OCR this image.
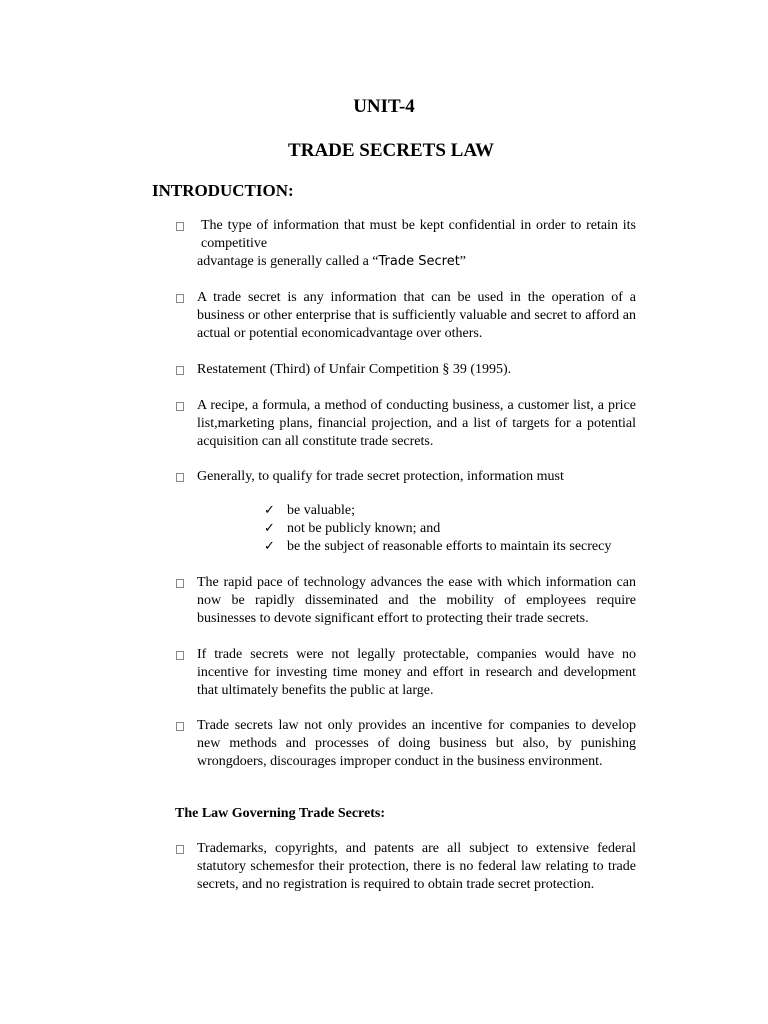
UNIT-4
TRADE SECRETS LAW
INTRODUCTION:
The type of information that must be kept confidential in order to retain its
competitive
advantage is generally called a “Trade Secret”
A trade secret is any information that can be used in the operation of a business or other enterprise that is sufficiently valuable and secret to afford an actual or potential economicadvantage over others.
Restatement (Third) of Unfair Competition § 39 (1995).
A recipe, a formula, a method of conducting business, a customer list, a price list,marketing plans, financial projection, and a list of targets for a potential acquisition can all constitute trade secrets.
Generally, to qualify for trade secret protection, information must
✓ be valuable;
✓ not be publicly known; and
✓ be the subject of reasonable efforts to maintain its secrecy
The rapid pace of technology advances the ease with which information can now be rapidly disseminated and the mobility of employees require businesses to devote significant effort to protecting their trade secrets.
If trade secrets were not legally protectable, companies would have no incentive for investing time money and effort in research and development that ultimately benefits the public at large.
Trade secrets law not only provides an incentive for companies to develop new methods and processes of doing business but also, by punishing wrongdoers, discourages improper conduct in the business environment.
The Law Governing Trade Secrets:
Trademarks, copyrights, and patents are all subject to extensive federal statutory schemesfor their protection, there is no federal law relating to trade secrets, and no registration is required to obtain trade secret protection.
